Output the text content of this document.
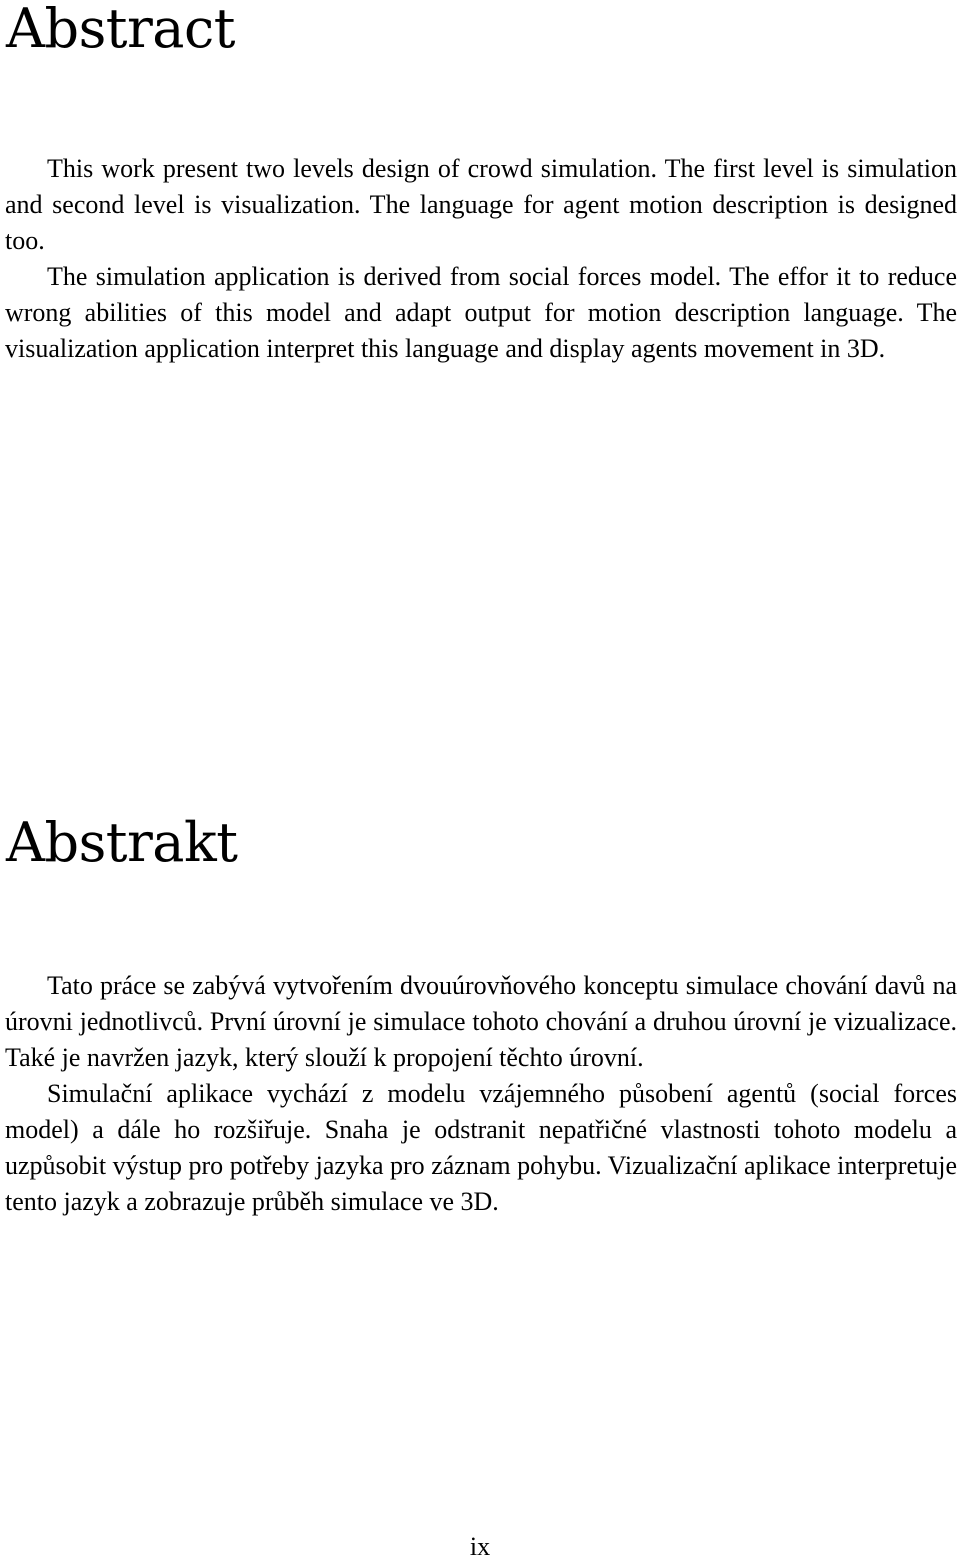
Abstract

This work present two levels design of crowd simulation. The first level is simulation and second level is visualization. The language for agent motion description is designed too.

The simulation application is derived from social forces model. The effor it to reduce wrong abilities of this model and adapt output for motion description language. The visualization application interpret this language and display agents movement in 3D.

Abstrakt

Tato práce se zabývá vytvořením dvouúrovňového konceptu simulace chování davů na úrovni jednotlivců. První úrovní je simulace tohoto chování a druhou úrovní je vizualizace. Také je navržen jazyk, který slouží k propojení těchto úrovní.

Simulační aplikace vychází z modelu vzájemného působení agentů (social forces model) a dále ho rozšiřuje. Snaha je odstranit nepatřičné vlastnosti tohoto modelu a uzpůsobit výstup pro potřeby jazyka pro záznam pohybu. Vizualizační aplikace interpretuje tento jazyk a zobrazuje průběh simulace ve 3D.

ix
